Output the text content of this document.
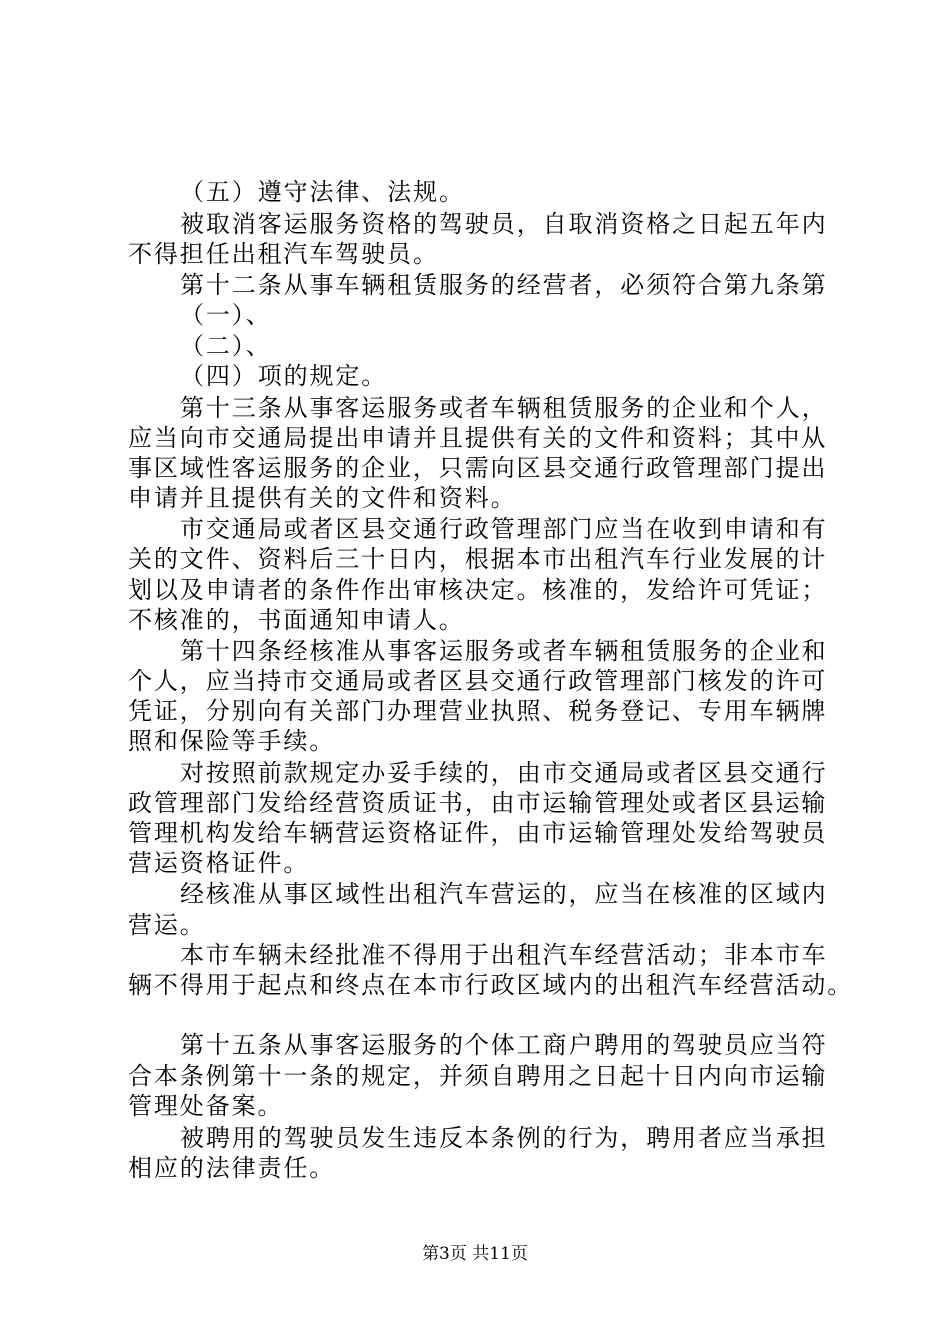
（五）遵守法律、法规。
被取消客运服务资格的驾驶员，自取消资格之日起五年内
不得担任出租汽车驾驶员。
第十二条从事车辆租赁服务的经营者，必须符合第九条第
（一）、
（二）、
（四）项的规定。
第十三条从事客运服务或者车辆租赁服务的企业和个人，
应当向市交通局提出申请并且提供有关的文件和资料；其中从
事区域性客运服务的企业，只需向区县交通行政管理部门提出
申请并且提供有关的文件和资料。
市交通局或者区县交通行政管理部门应当在收到申请和有
关的文件、资料后三十日内，根据本市出租汽车行业发展的计
划以及申请者的条件作出审核决定。核准的，发给许可凭证；
不核准的，书面通知申请人。
第十四条经核准从事客运服务或者车辆租赁服务的企业和
个人，应当持市交通局或者区县交通行政管理部门核发的许可
凭证，分别向有关部门办理营业执照、税务登记、专用车辆牌
照和保险等手续。
对按照前款规定办妥手续的，由市交通局或者区县交通行
政管理部门发给经营资质证书，由市运输管理处或者区县运输
管理机构发给车辆营运资格证件，由市运输管理处发给驾驶员
营运资格证件。
经核准从事区域性出租汽车营运的，应当在核准的区域内
营运。
本市车辆未经批准不得用于出租汽车经营活动；非本市车
辆不得用于起点和终点在本市行政区域内的出租汽车经营活动。
第十五条从事客运服务的个体工商户聘用的驾驶员应当符
合本条例第十一条的规定，并须自聘用之日起十日内向市运输
管理处备案。
被聘用的驾驶员发生违反本条例的行为，聘用者应当承担
相应的法律责任。
第3页 共11页
